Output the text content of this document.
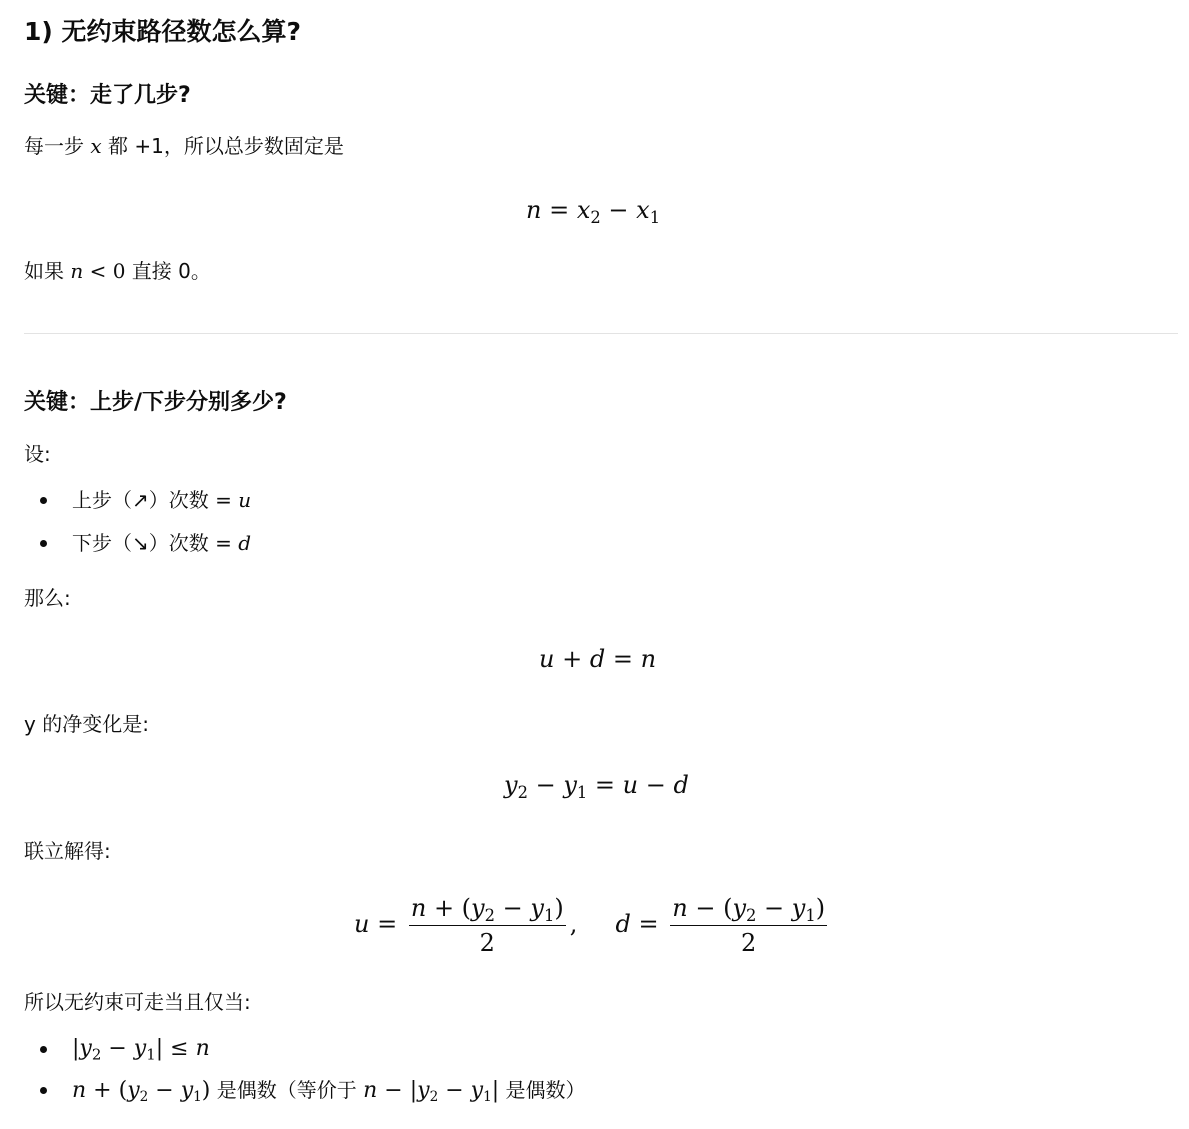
1) 无约束路径数怎么算?
关键：走了几步?
每一步 x 都 +1，所以总步数固定是
$n = x_2 - x_1$
如果 n < 0 直接 0。
关键：上步/下步分别多少?
设:
上步（↗）次数 = u
下步（↘）次数 = d
那么:
u + d = n
y 的净变化是:
$y_2 - y_1 = u - d$
联立解得:
$u = \frac{n + (y_2 - y_1)}{2}$ ,     $d = \frac{n - (y_2 - y_1)}{2}$
所以无约束可走当且仅当:
$|y_2 - y_1| \le n$
$n + (y_2 - y_1)$ 是偶数（等价于 $n - |y_2 - y_1|$ 是偶数）
